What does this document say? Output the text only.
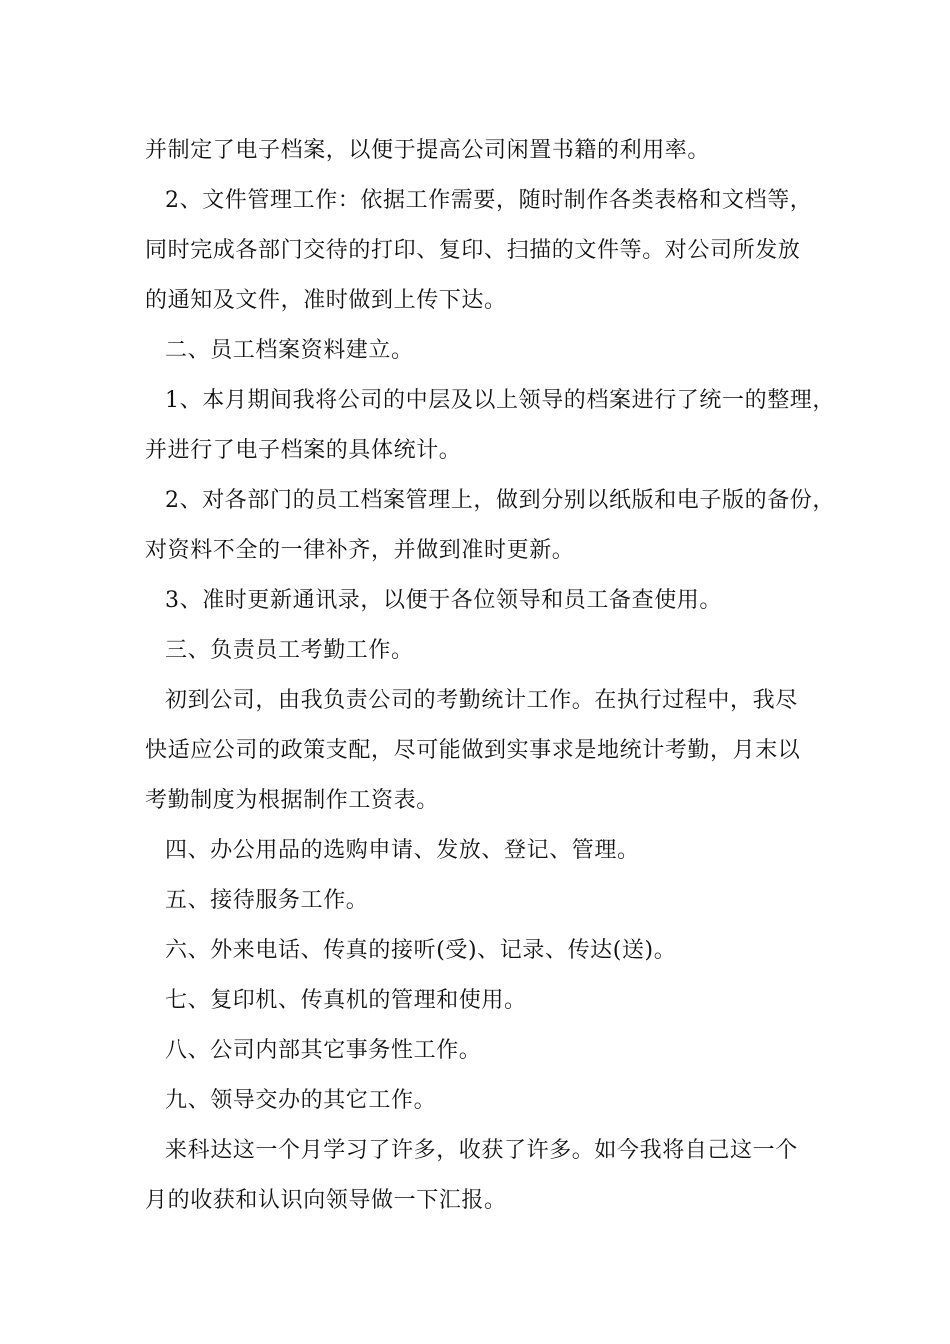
并制定了电子档案，以便于提高公司闲置书籍的利用率。
2、文件管理工作：依据工作需要，随时制作各类表格和文档等，
同时完成各部门交待的打印、复印、扫描的文件等。对公司所发放
的通知及文件，准时做到上传下达。
二、员工档案资料建立。
1、本月期间我将公司的中层及以上领导的档案进行了统一的整理，
并进行了电子档案的具体统计。
2、对各部门的员工档案管理上，做到分别以纸版和电子版的备份，
对资料不全的一律补齐，并做到准时更新。
3、准时更新通讯录，以便于各位领导和员工备查使用。
三、负责员工考勤工作。
初到公司，由我负责公司的考勤统计工作。在执行过程中，我尽
快适应公司的政策支配，尽可能做到实事求是地统计考勤，月末以
考勤制度为根据制作工资表。
四、办公用品的选购申请、发放、登记、管理。
五、接待服务工作。
六、外来电话、传真的接听(受)、记录、传达(送)。
七、复印机、传真机的管理和使用。
八、公司内部其它事务性工作。
九、领导交办的其它工作。
来科达这一个月学习了许多，收获了许多。如今我将自己这一个
月的收获和认识向领导做一下汇报。
